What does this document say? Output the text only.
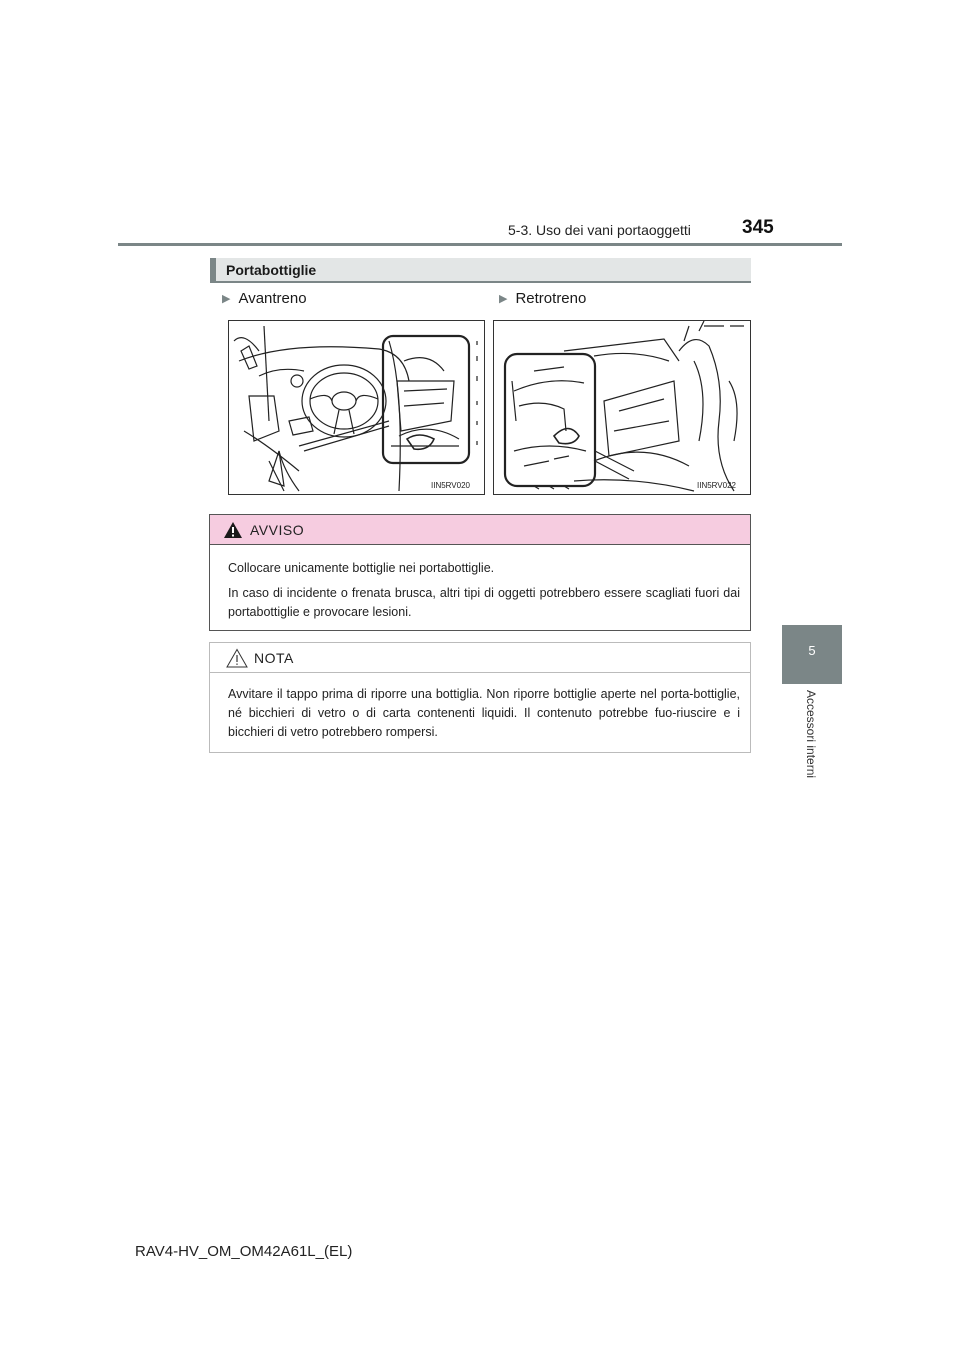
5-3. Uso dei vani portaoggetti	345
5
Accessori interni
Portabottiglie
▶ Avantreno	▶ Retrotreno
IIN5RV020	IIN5RV022
AVVISO

Collocare unicamente bottiglie nei portabottiglie.

In caso di incidente o frenata brusca, altri tipi di oggetti potrebbero essere scagliati fuori dai portabottiglie e provocare lesioni.

NOTA
Avvitare il tappo prima di riporre una bottiglia. Non riporre bottiglie aperte nel porta-bottiglie, né bicchieri di vetro o di carta contenenti liquidi. Il contenuto potrebbe fuo-riuscire e i bicchieri di vetro potrebbero rompersi.
RAV4-HV_OM_OM42A61L_(EL)
